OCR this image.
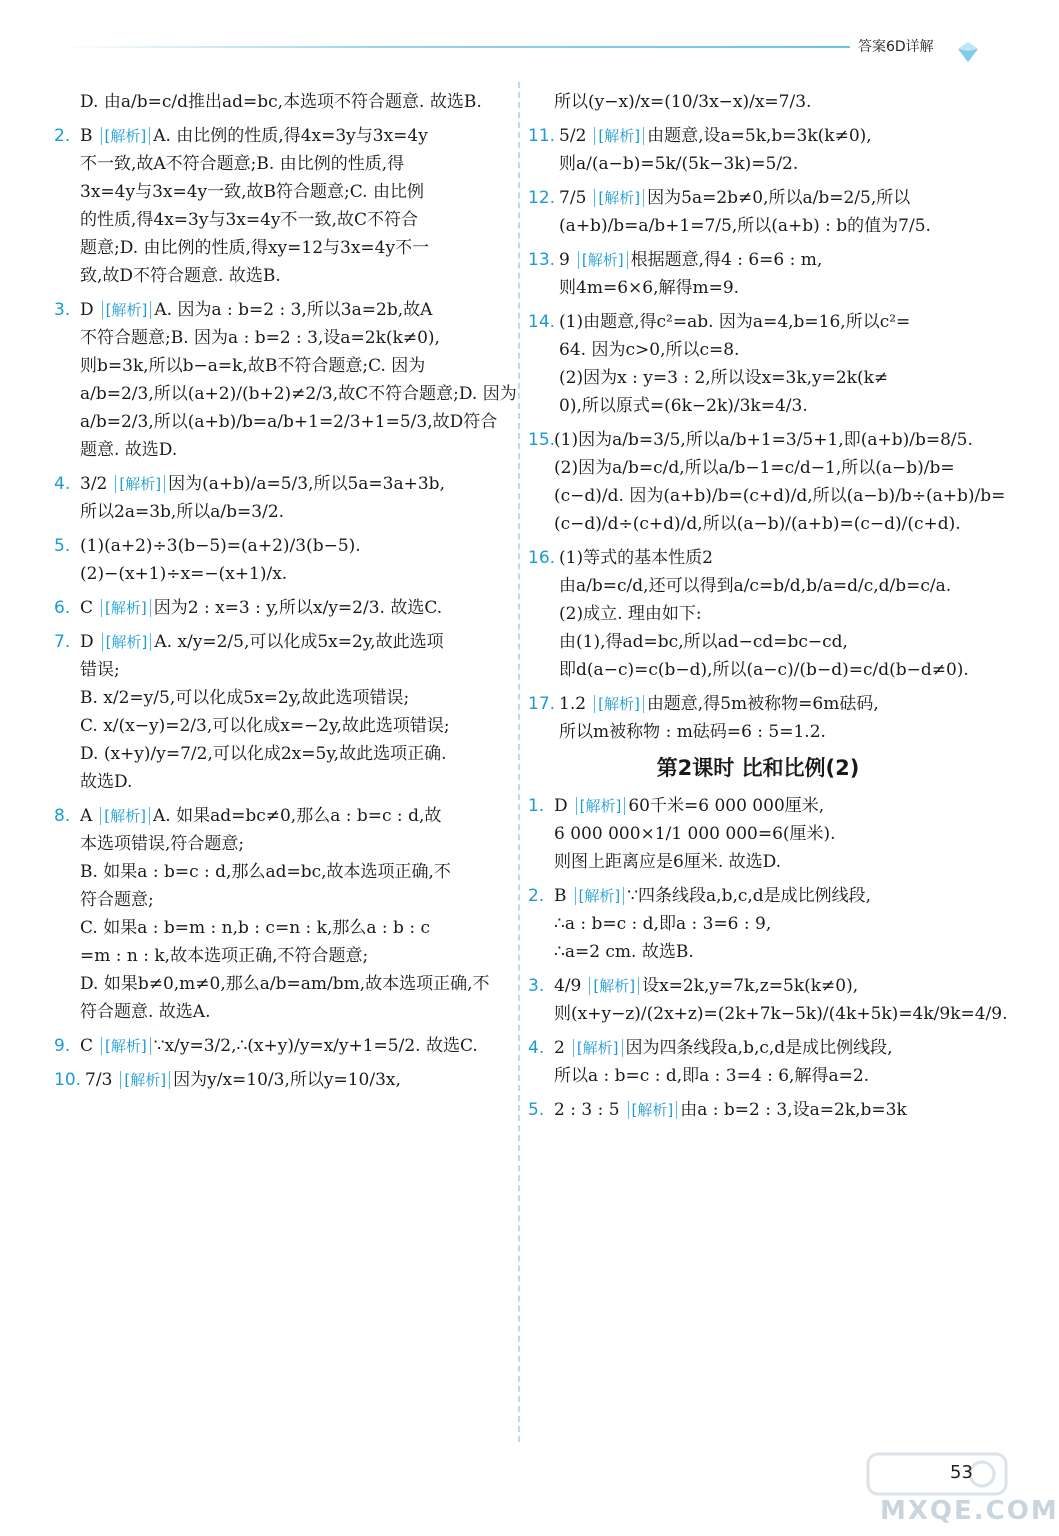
答案6D详解
D. 由a/b=c/d推出ad=bc,本选项不符合题意. 故选B.
2. B [解析] A. 由比例的性质,得4x=3y与3x=4y
不一致,故A不符合题意;B. 由比例的性质,得
3x=4y与3x=4y一致,故B符合题意;C. 由比例
的性质,得4x=3y与3x=4y不一致,故C不符合
题意;D. 由比例的性质,得xy=12与3x=4y不一
致,故D不符合题意. 故选B.
3. D [解析] A. 因为a : b=2 : 3,所以3a=2b,故A
不符合题意;B. 因为a : b=2 : 3,设a=2k(k≠0),
则b=3k,所以b−a=k,故B不符合题意;C. 因为
a/b=2/3,所以(a+2)/(b+2)≠2/3,故C不符合题意;D. 因为
a/b=2/3,所以(a+b)/b=a/b+1=2/3+1=5/3,故D符合
题意. 故选D.
4. 3/2 [解析] 因为(a+b)/a=5/3,所以5a=3a+3b,
所以2a=3b,所以a/b=3/2.
5. (1)(a+2)÷3(b−5)=(a+2)/3(b−5).
(2)−(x+1)÷x=−(x+1)/x.
6. C [解析] 因为2 : x=3 : y,所以x/y=2/3. 故选C.
7. D [解析] A. x/y=2/5,可以化成5x=2y,故此选项
错误;
B. x/2=y/5,可以化成5x=2y,故此选项错误;
C. x/(x−y)=2/3,可以化成x=−2y,故此选项错误;
D. (x+y)/y=7/2,可以化成2x=5y,故此选项正确.
故选D.
8. A [解析] A. 如果ad=bc≠0,那么a : b=c : d,故
本选项错误,符合题意;
B. 如果a : b=c : d,那么ad=bc,故本选项正确,不
符合题意;
C. 如果a : b=m : n,b : c=n : k,那么a : b : c
=m : n : k,故本选项正确,不符合题意;
D. 如果b≠0,m≠0,那么a/b=am/bm,故本选项正确,不
符合题意. 故选A.
9. C [解析] ∵x/y=3/2,∴(x+y)/y=x/y+1=5/2. 故选C.
10. 7/3 [解析] 因为y/x=10/3,所以y=10/3x,
所以(y−x)/x=(10/3x−x)/x=7/3.
11. 5/2 [解析] 由题意,设a=5k,b=3k(k≠0),
则a/(a−b)=5k/(5k−3k)=5/2.
12. 7/5 [解析] 因为5a=2b≠0,所以a/b=2/5,所以
(a+b)/b=a/b+1=7/5,所以(a+b) : b的值为7/5.
13. 9 [解析] 根据题意,得4 : 6=6 : m,
则4m=6×6,解得m=9.
14. (1)由题意,得c²=ab. 因为a=4,b=16,所以c²=
64. 因为c>0,所以c=8.
(2)因为x : y=3 : 2,所以设x=3k,y=2k(k≠
0),所以原式=(6k−2k)/3k=4/3.
15.
(1)因为a/b=3/5,所以a/b+1=3/5+1,即(a+b)/b=8/5.
(2)因为a/b=c/d,所以a/b−1=c/d−1,所以(a−b)/b=
(c−d)/d. 因为(a+b)/b=(c+d)/d,所以(a−b)/b÷(a+b)/b=
(c−d)/d÷(c+d)/d,所以(a−b)/(a+b)=(c−d)/(c+d).
16. (1)等式的基本性质2
由a/b=c/d,还可以得到a/c=b/d,b/a=d/c,d/b=c/a.
(2)成立. 理由如下:
由(1),得ad=bc,所以ad−cd=bc−cd,
即d(a−c)=c(b−d),所以(a−c)/(b−d)=c/d(b−d≠0).
17. 1.2 [解析] 由题意,得5m被称物=6m砝码,
所以m被称物 : m砝码=6 : 5=1.2.
第2课时 比和比例(2)
1. D [解析] 60千米=6 000 000厘米,
6 000 000×1/1 000 000=6(厘米).
则图上距离应是6厘米. 故选D.
2. B [解析] ∵四条线段a,b,c,d是成比例线段,
∴a : b=c : d,即a : 3=6 : 9,
∴a=2 cm. 故选B.
3. 4/9 [解析] 设x=2k,y=7k,z=5k(k≠0),
则(x+y−z)/(2x+z)=(2k+7k−5k)/(4k+5k)=4k/9k=4/9.
4. 2 [解析] 因为四条线段a,b,c,d是成比例线段,
所以a : b=c : d,即a : 3=4 : 6,解得a=2.
5. 2 : 3 : 5 [解析] 由a : b=2 : 3,设a=2k,b=3k
MXQE.COM
53
